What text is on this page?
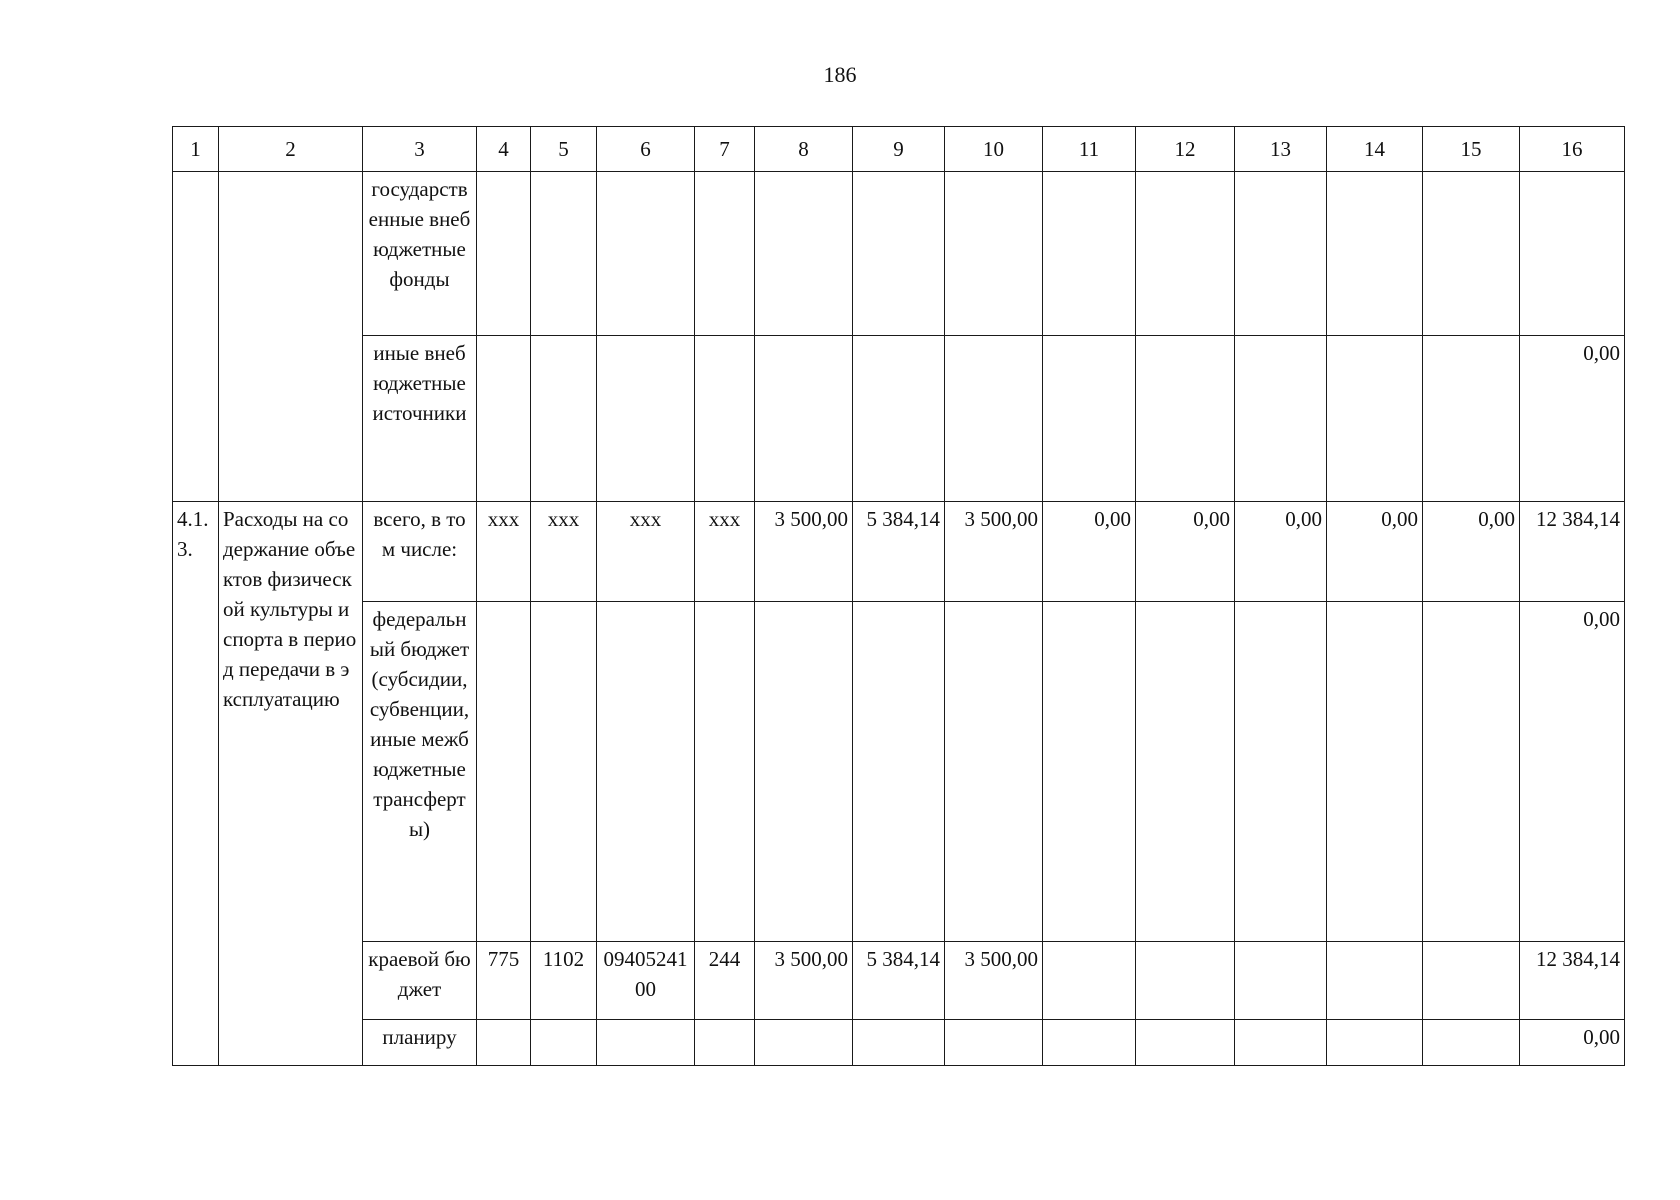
186
1	2	3	4	5	6	7	8	9	10	11	12	13	14	15	16
		государственные внебюджетные фонды													
		иные внебюджетные источники													0,00
4.1.3.	Расходы на содержание объектов физической культуры и спорта в период передачи в эксплуатацию	всего, в том числе:	ххх	ххх	ххх	ххх	3 500,00	5 384,14	3 500,00	0,00	0,00	0,00	0,00	0,00	12 384,14
		федеральный бюджет (субсидии, субвенции, иные межбюджетные трансферты)													0,00
		краевой бюджет	775	1102	0940524100	244	3 500,00	5 384,14	3 500,00						12 384,14
		планиру													0,00
